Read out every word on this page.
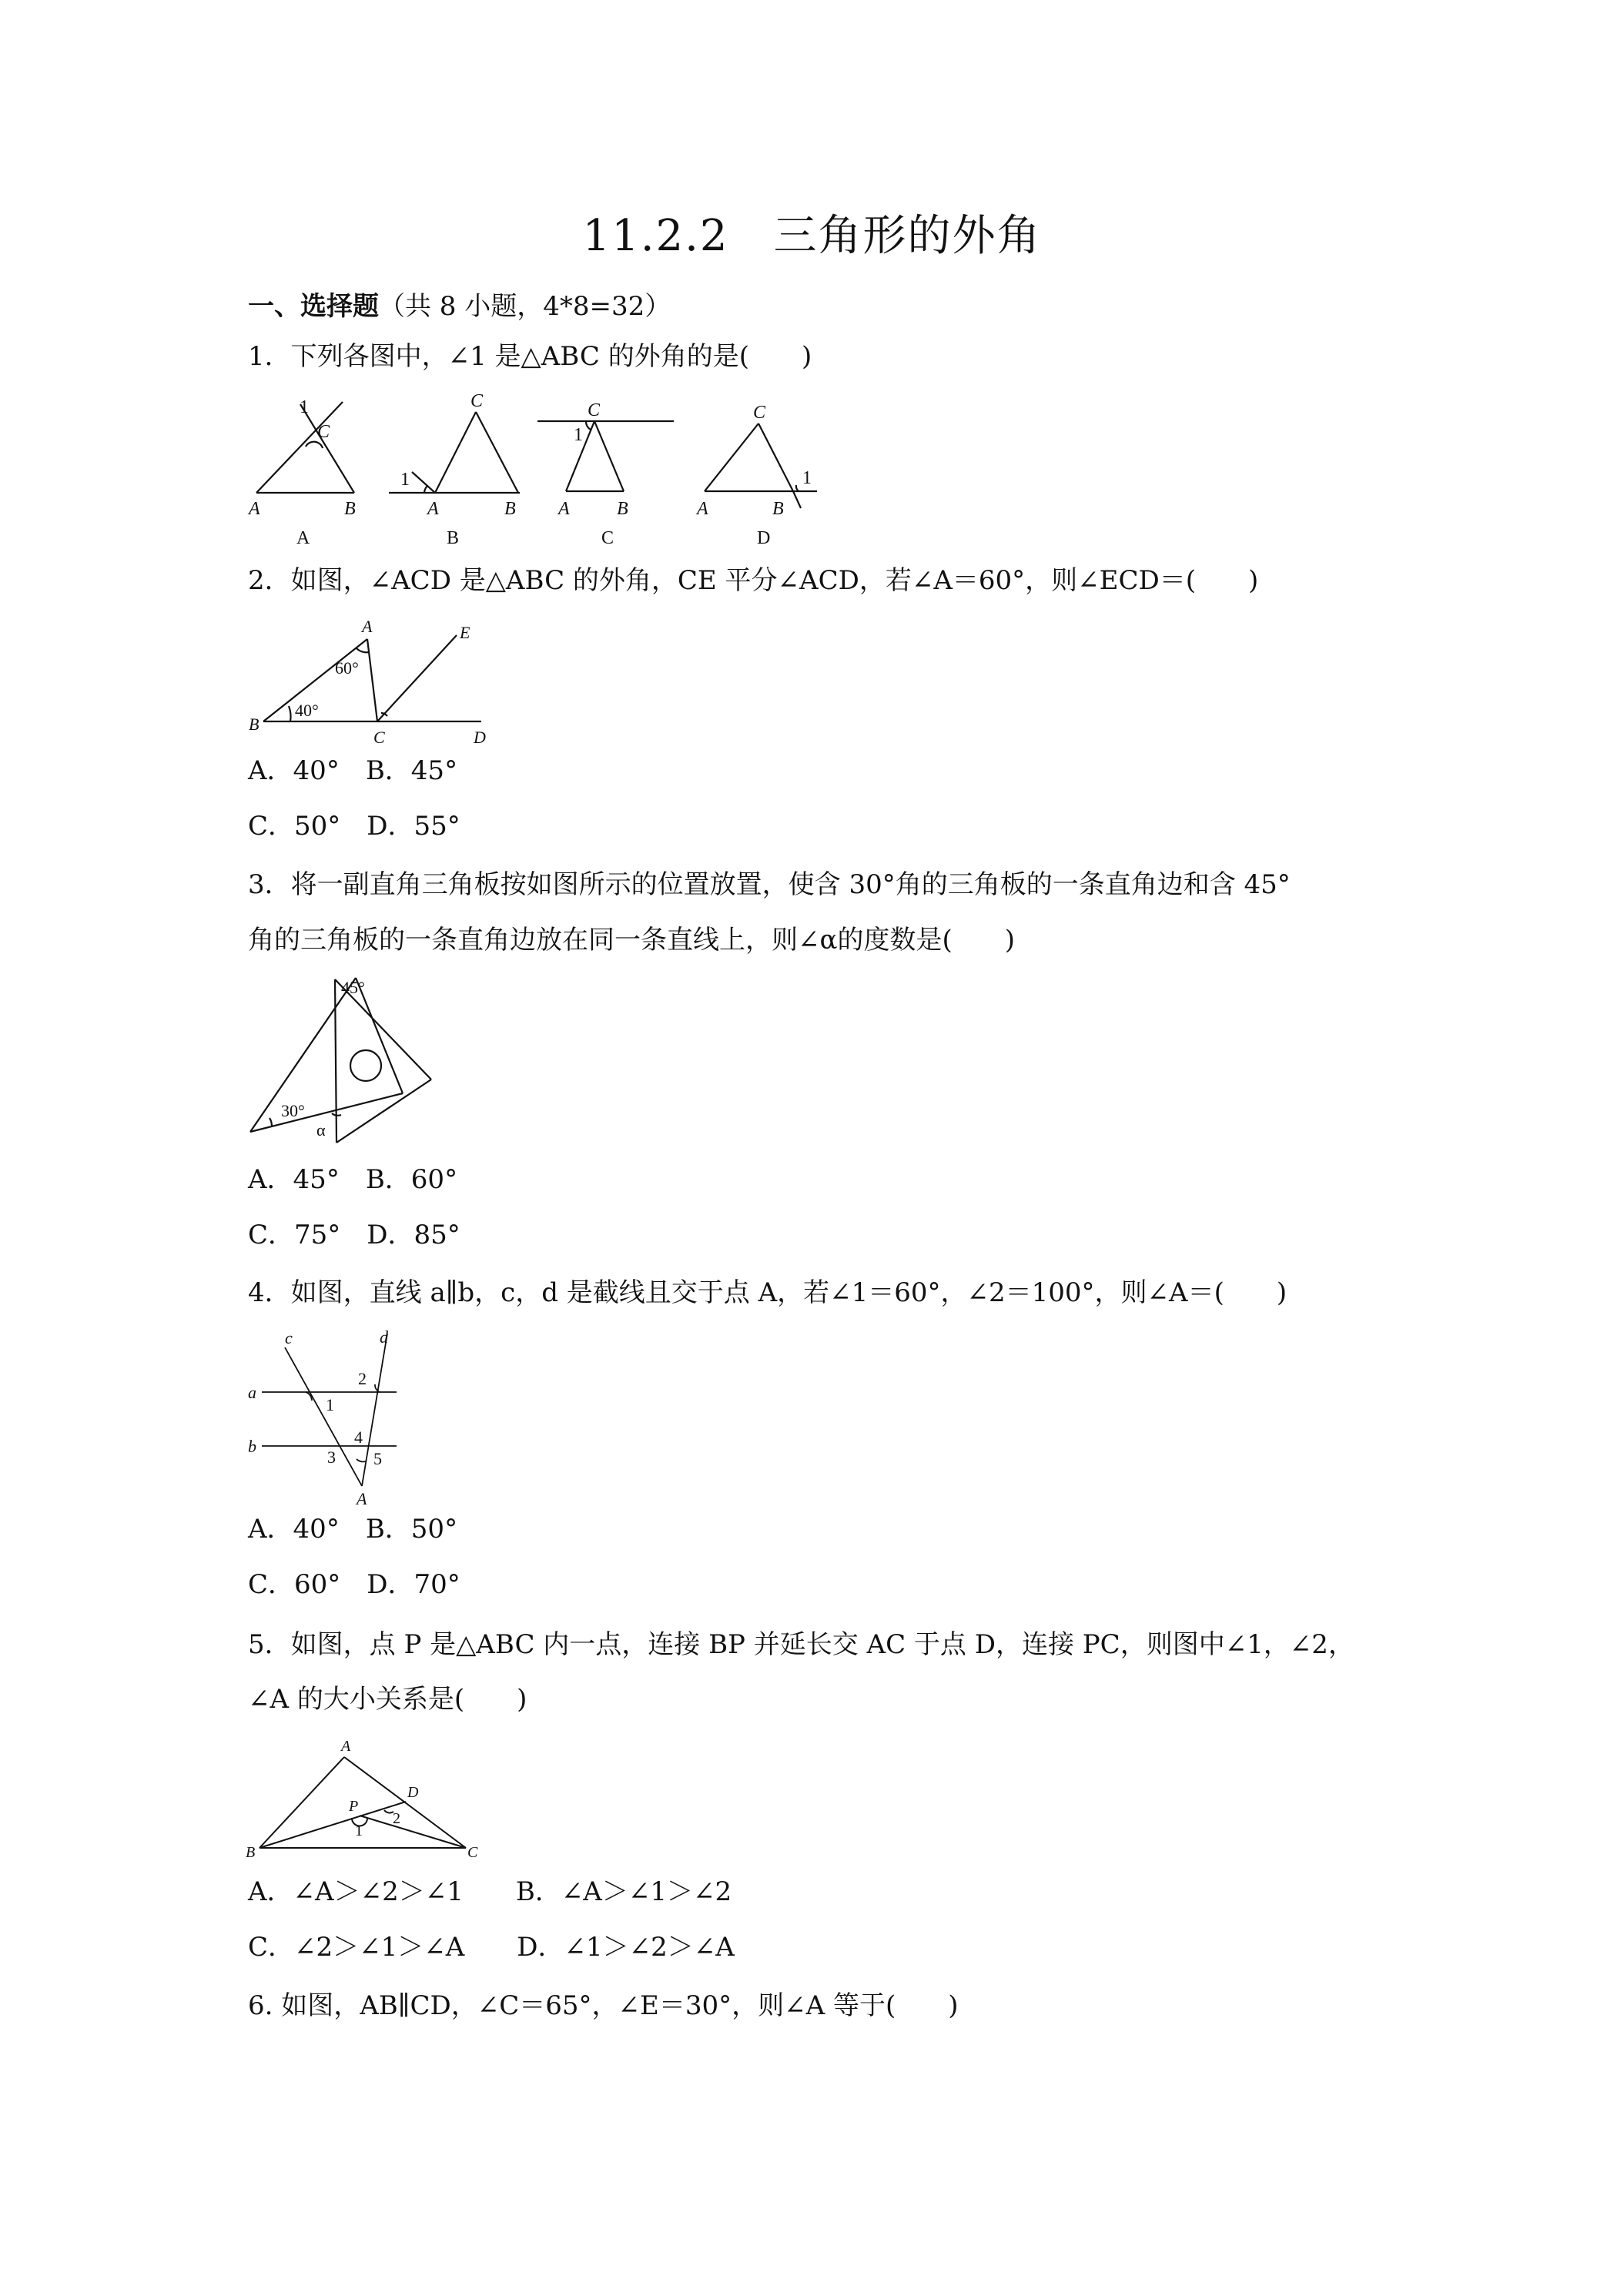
11.2.2　三角形的外角
一、选择题（共 8 小题，4*8=32）
1．下列各图中，∠1 是△ABC 的外角的是(　　)
1
C
A	B
A
1
C
A	B
B
1
C
A	B
C
1
C
A	B
D
2．如图，∠ACD 是△ABC 的外角，CE 平分∠ACD，若∠A＝60°，则∠ECD＝(　　)
A	E
B
C	D
60°
40°
A．40°　B．45°
C．50°　D．55°
3．将一副直角三角板按如图所示的位置放置，使含 30°角的三角板的一条直角边和含 45°
角的三角板的一条直角边放在同一条直线上，则∠α的度数是(　　)
45°
30°
α
A．45°　B．60°
C．75°　D．85°
4．如图，直线 a∥b，c，d 是截线且交于点 A，若∠1＝60°，∠2＝100°，则∠A＝(　　)
c	d
a
b
1
2
3
4
5
A
A．40°　B．50°
C．60°　D．70°
5．如图，点 P 是△ABC 内一点，连接 BP 并延长交 AC 于点 D，连接 PC，则图中∠1，∠2，
∠A 的大小关系是(　　)
A
D
P
1
2
B	C
A．∠A＞∠2＞∠1　　B．∠A＞∠1＞∠2
C．∠2＞∠1＞∠A　　D．∠1＞∠2＞∠A
6. 如图，AB∥CD，∠C＝65°，∠E＝30°，则∠A 等于(　　)
